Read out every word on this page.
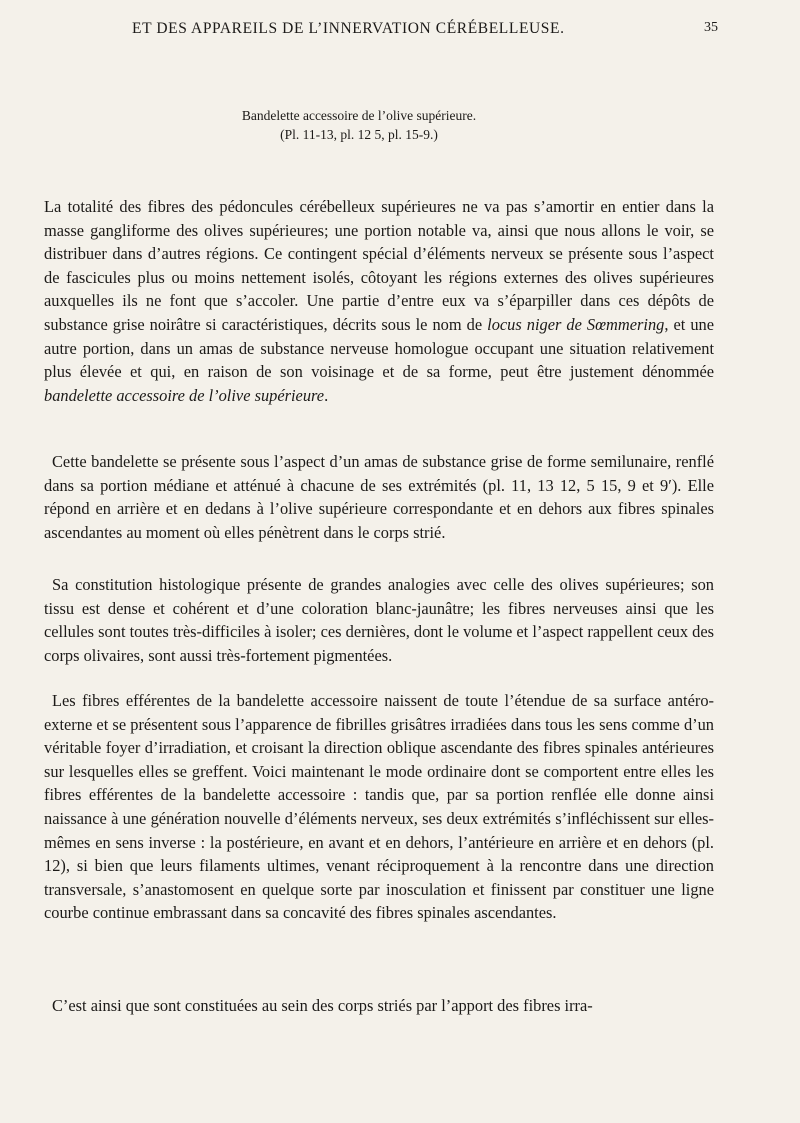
ET DES APPAREILS DE L’INNERVATION CÉRÉBELLEUSE.	35
Bandelette accessoire de l’olive supérieure.
(Pl. 11-13, pl. 12 5, pl. 15-9.)

La totalité des fibres des pédoncules cérébelleux supérieures ne va pas s’amortir en entier dans la masse gangliforme des olives supérieures; une portion notable va, ainsi que nous allons le voir, se distribuer dans d’autres régions. Ce contingent spécial d’éléments nerveux se présente sous l’aspect de fascicules plus ou moins nettement isolés, côtoyant les régions externes des olives supérieures auxquelles ils ne font que s’accoler. Une partie d’entre eux va s’éparpiller dans ces dépôts de substance grise noirâtre si caractéristiques, décrits sous le nom de locus niger de Sœmmering, et une autre portion, dans un amas de substance nerveuse homologue occupant une situation relativement plus élevée et qui, en raison de son voisinage et de sa forme, peut être justement dénommée bandelette accessoire de l’olive supérieure.

Cette bandelette se présente sous l’aspect d’un amas de substance grise de forme semilunaire, renflé dans sa portion médiane et atténué à chacune de ses extrémités (pl. 11, 13 12, 5 15, 9 et 9′). Elle répond en arrière et en dedans à l’olive supérieure correspondante et en dehors aux fibres spinales ascendantes au moment où elles pénètrent dans le corps strié.

Sa constitution histologique présente de grandes analogies avec celle des olives supérieures; son tissu est dense et cohérent et d’une coloration blanc-jaunâtre; les fibres nerveuses ainsi que les cellules sont toutes très-difficiles à isoler; ces dernières, dont le volume et l’aspect rappellent ceux des corps olivaires, sont aussi très-fortement pigmentées.

Les fibres efférentes de la bandelette accessoire naissent de toute l’étendue de sa surface antéro-externe et se présentent sous l’apparence de fibrilles grisâtres irradiées dans tous les sens comme d’un véritable foyer d’irradiation, et croisant la direction oblique ascendante des fibres spinales antérieures sur lesquelles elles se greffent. Voici maintenant le mode ordinaire dont se comportent entre elles les fibres efférentes de la bandelette accessoire : tandis que, par sa portion renflée elle donne ainsi naissance à une génération nouvelle d’éléments nerveux, ses deux extrémités s’infléchissent sur elles-mêmes en sens inverse : la postérieure, en avant et en dehors, l’antérieure en arrière et en dehors (pl. 12), si bien que leurs filaments ultimes, venant réciproquement à la rencontre dans une direction transversale, s’anastomosent en quelque sorte par inosculation et finissent par constituer une ligne courbe continue embrassant dans sa concavité des fibres spinales ascendantes.

C’est ainsi que sont constituées au sein des corps striés par l’apport des fibres irra-
